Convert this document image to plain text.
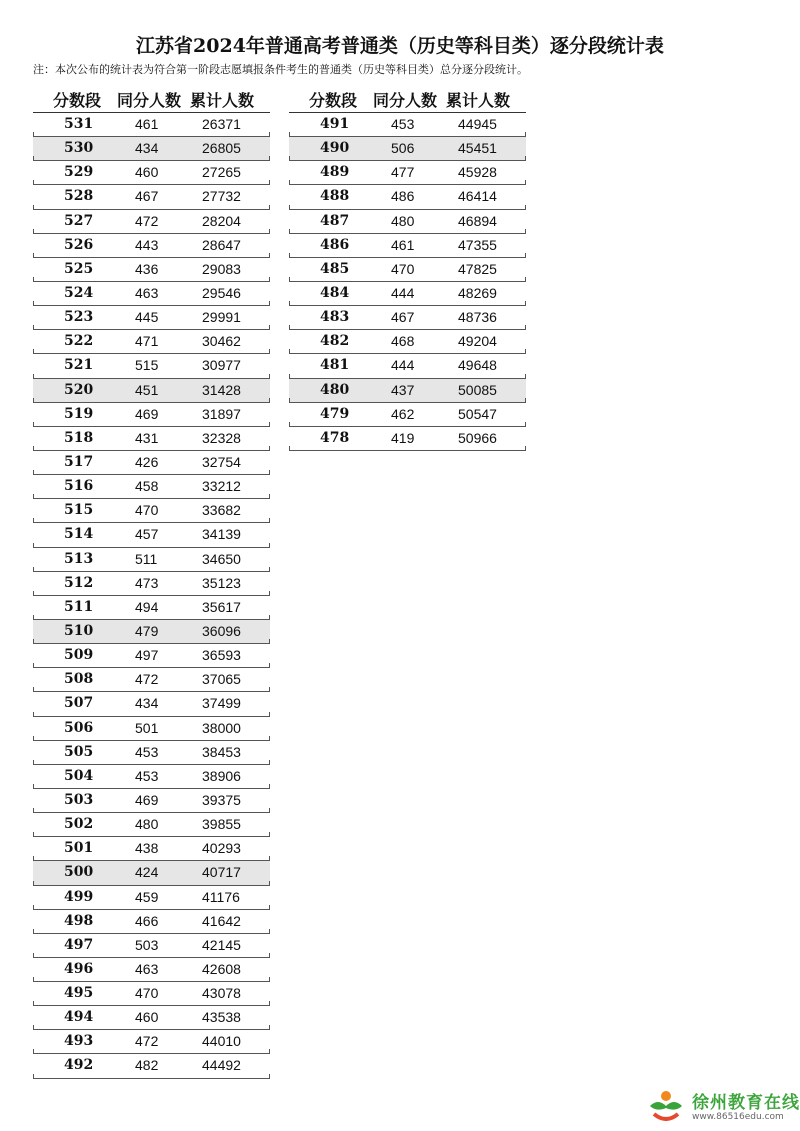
江苏省2024年普通高考普通类（历史等科目类）逐分段统计表
注：本次公布的统计表为符合第一阶段志愿填报条件考生的普通类（历史等科目类）总分逐分段统计。
分数段 同分人数 累计人数
531	461	26371
530	434	26805
529	460	27265
528	467	27732
527	472	28204
526	443	28647
525	436	29083
524	463	29546
523	445	29991
522	471	30462
521	515	30977
520	451	31428
519	469	31897
518	431	32328
517	426	32754
516	458	33212
515	470	33682
514	457	34139
513	511	34650
512	473	35123
511	494	35617
510	479	36096
509	497	36593
508	472	37065
507	434	37499
506	501	38000
505	453	38453
504	453	38906
503	469	39375
502	480	39855
501	438	40293
500	424	40717
499	459	41176
498	466	41642
497	503	42145
496	463	42608
495	470	43078
494	460	43538
493	472	44010
492	482	44492
分数段 同分人数 累计人数
491	453	44945
490	506	45451
489	477	45928
488	486	46414
487	480	46894
486	461	47355
485	470	47825
484	444	48269
483	467	48736
482	468	49204
481	444	49648
480	437	50085
479	462	50547
478	419	50966
徐州教育在线
www.86516edu.com
